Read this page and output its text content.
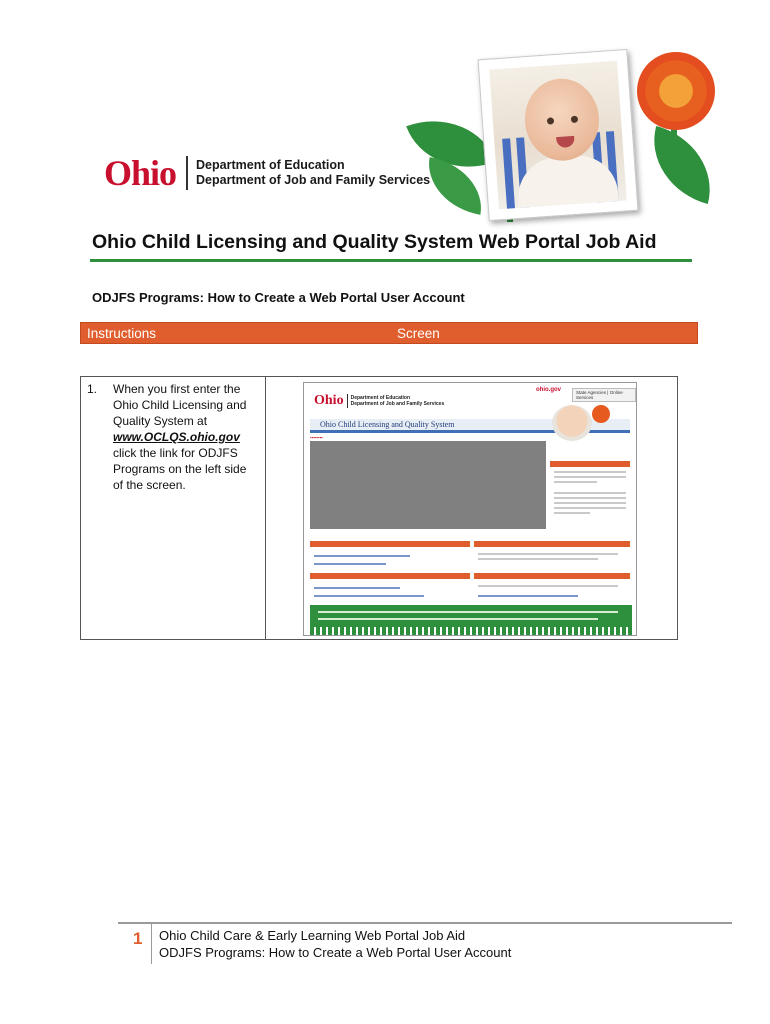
Ohio Department of Education
Department of Job and Family Services
Ohio Child Licensing and Quality System Web Portal Job Aid
ODJFS Programs: How to Create a Web Portal User Account
Instructions	Screen
1. When you first enter the Ohio Child Licensing and Quality System at www.OCLQS.ohio.gov click the link for ODJFS Programs on the left side of the screen.
Ohio Department of Education
Department of Job and Family Services
ohio.gov	State Agencies | Online Services
Ohio Child Licensing and Quality System
▪▪▪▪▪▪▪▪
1 Ohio Child Care & Early Learning Web Portal Job Aid
ODJFS Programs: How to Create a Web Portal User Account
